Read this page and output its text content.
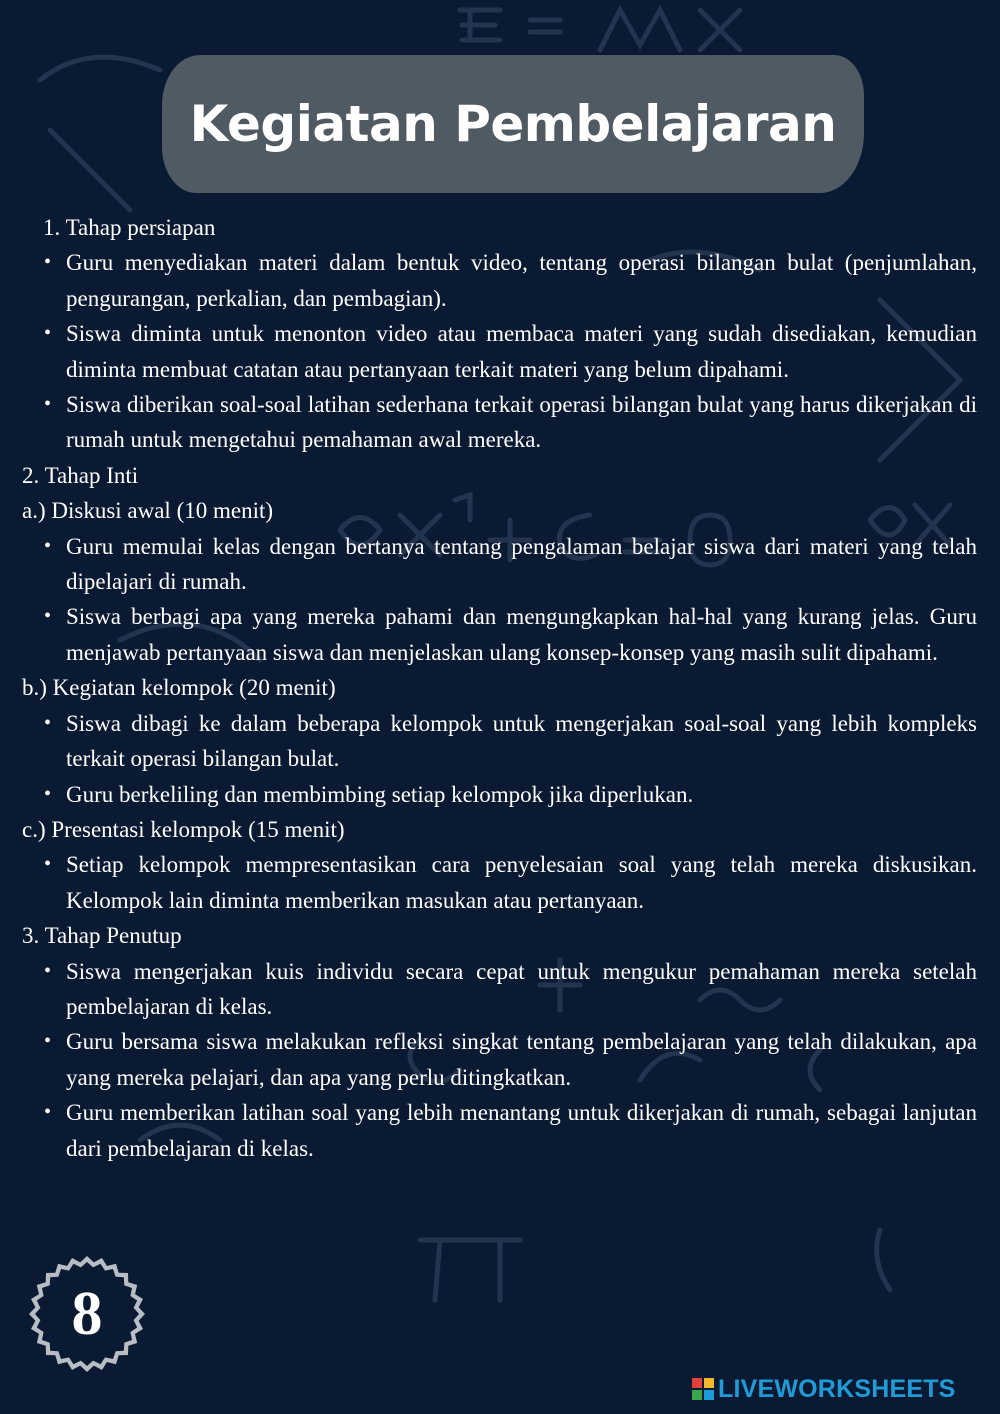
Kegiatan Pembelajaran

1. Tahap persiapan

• Guru menyediakan materi dalam bentuk video, tentang operasi bilangan bulat (penjumlahan, pengurangan, perkalian, dan pembagian).
• Siswa diminta untuk menonton video atau membaca materi yang sudah disediakan, kemudian diminta membuat catatan atau pertanyaan terkait materi yang belum dipahami.
• Siswa diberikan soal-soal latihan sederhana terkait operasi bilangan bulat yang harus dikerjakan di rumah untuk mengetahui pemahaman awal mereka.

2. Tahap Inti

a.) Diskusi awal (10 menit)

• Guru memulai kelas dengan bertanya tentang pengalaman belajar siswa dari materi yang telah dipelajari di rumah.
• Siswa berbagi apa yang mereka pahami dan mengungkapkan hal-hal yang kurang jelas. Guru menjawab pertanyaan siswa dan menjelaskan ulang konsep-konsep yang masih sulit dipahami.

b.) Kegiatan kelompok (20 menit)

• Siswa dibagi ke dalam beberapa kelompok untuk mengerjakan soal-soal yang lebih kompleks terkait operasi bilangan bulat.
• Guru berkeliling dan membimbing setiap kelompok jika diperlukan.

c.) Presentasi kelompok (15 menit)

• Setiap kelompok mempresentasikan cara penyelesaian soal yang telah mereka diskusikan. Kelompok lain diminta memberikan masukan atau pertanyaan.

3. Tahap Penutup

• Siswa mengerjakan kuis individu secara cepat untuk mengukur pemahaman mereka setelah pembelajaran di kelas.
• Guru bersama siswa melakukan refleksi singkat tentang pembelajaran yang telah dilakukan, apa yang mereka pelajari, dan apa yang perlu ditingkatkan.
• Guru memberikan latihan soal yang lebih menantang untuk dikerjakan di rumah, sebagai lanjutan dari pembelajaran di kelas.
8
LIVEWORKSHEETS
